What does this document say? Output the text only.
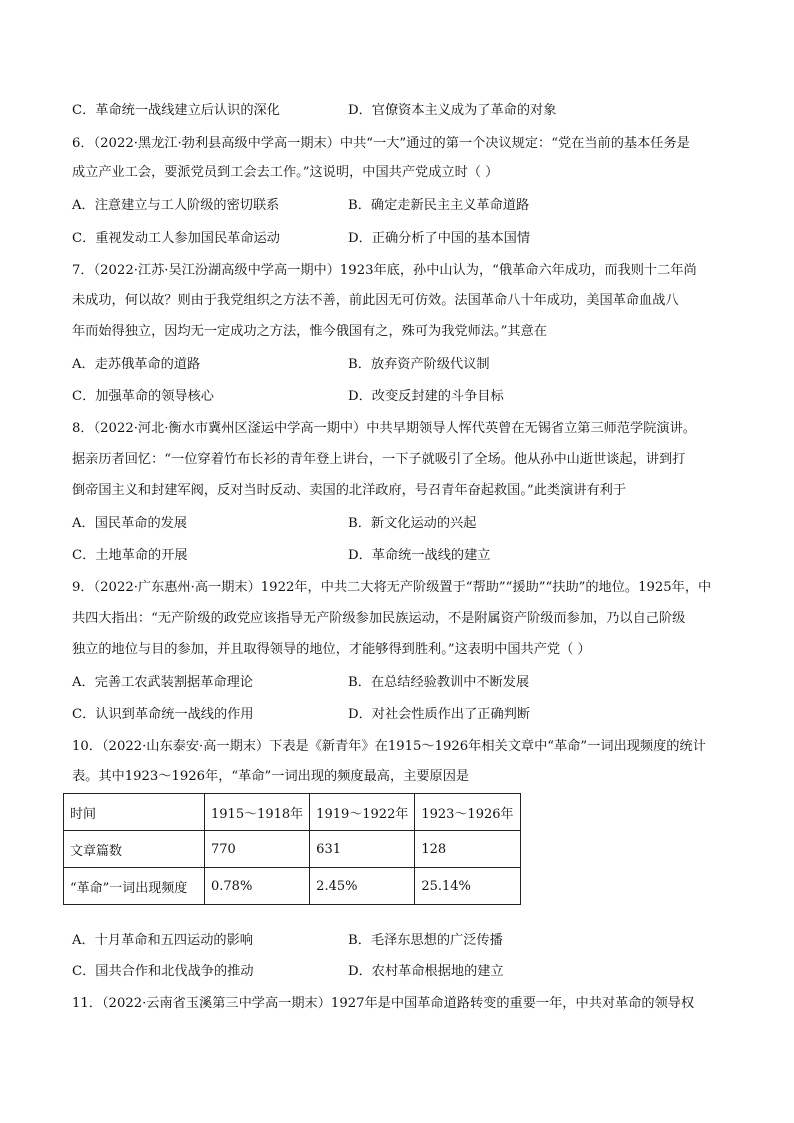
C．革命统一战线建立后认识的深化	D．官僚资本主义成为了革命的对象
6．（2022·黑龙江·勃利县高级中学高一期末）中共“一大”通过的第一个决议规定：“党在当前的基本任务是
成立产业工会，要派党员到工会去工作。”这说明，中国共产党成立时（ ）
A．注意建立与工人阶级的密切联系	B．确定走新民主主义革命道路
C．重视发动工人参加国民革命运动	D．正确分析了中国的基本国情
7．（2022·江苏·吴江汾湖高级中学高一期中）1923年底，孙中山认为，“俄革命六年成功，而我则十二年尚
未成功，何以故？则由于我党组织之方法不善，前此因无可仿效。法国革命八十年成功，美国革命血战八
年而始得独立，因均无一定成功之方法，惟今俄国有之，殊可为我党师法。”其意在
A．走苏俄革命的道路	B．放弃资产阶级代议制
C．加强革命的领导核心	D．改变反封建的斗争目标
8．（2022·河北·衡水市冀州区滏运中学高一期中）中共早期领导人恽代英曾在无锡省立第三师范学院演讲。
据亲历者回忆：“一位穿着竹布长衫的青年登上讲台，一下子就吸引了全场。他从孙中山逝世谈起，讲到打
倒帝国主义和封建军阀，反对当时反动、卖国的北洋政府，号召青年奋起救国。”此类演讲有利于
A．国民革命的发展	B．新文化运动的兴起
C．土地革命的开展	D．革命统一战线的建立
9．（2022·广东惠州·高一期末）1922年，中共二大将无产阶级置于“帮助”“援助”“扶助”的地位。1925年，中
共四大指出：“无产阶级的政党应该指导无产阶级参加民族运动，不是附属资产阶级而参加，乃以自己阶级
独立的地位与目的参加，并且取得领导的地位，才能够得到胜利。”这表明中国共产党（ ）
A．完善工农武装割据革命理论	B．在总结经验教训中不断发展
C．认识到革命统一战线的作用	D．对社会性质作出了正确判断
10．（2022·山东泰安·高一期末）下表是《新青年》在1915～1926年相关文章中“革命”一词出现频度的统计
表。其中1923～1926年，“革命”一词出现的频度最高，主要原因是
时间	1915～1918年	1919～1922年	1923～1926年
文章篇数	770	631	128
“革命”一词出现频度	0.78%	2.45%	25.14%
A．十月革命和五四运动的影响	B．毛泽东思想的广泛传播
C．国共合作和北伐战争的推动	D．农村革命根据地的建立
11．（2022·云南省玉溪第三中学高一期末）1927年是中国革命道路转变的重要一年，中共对革命的领导权
